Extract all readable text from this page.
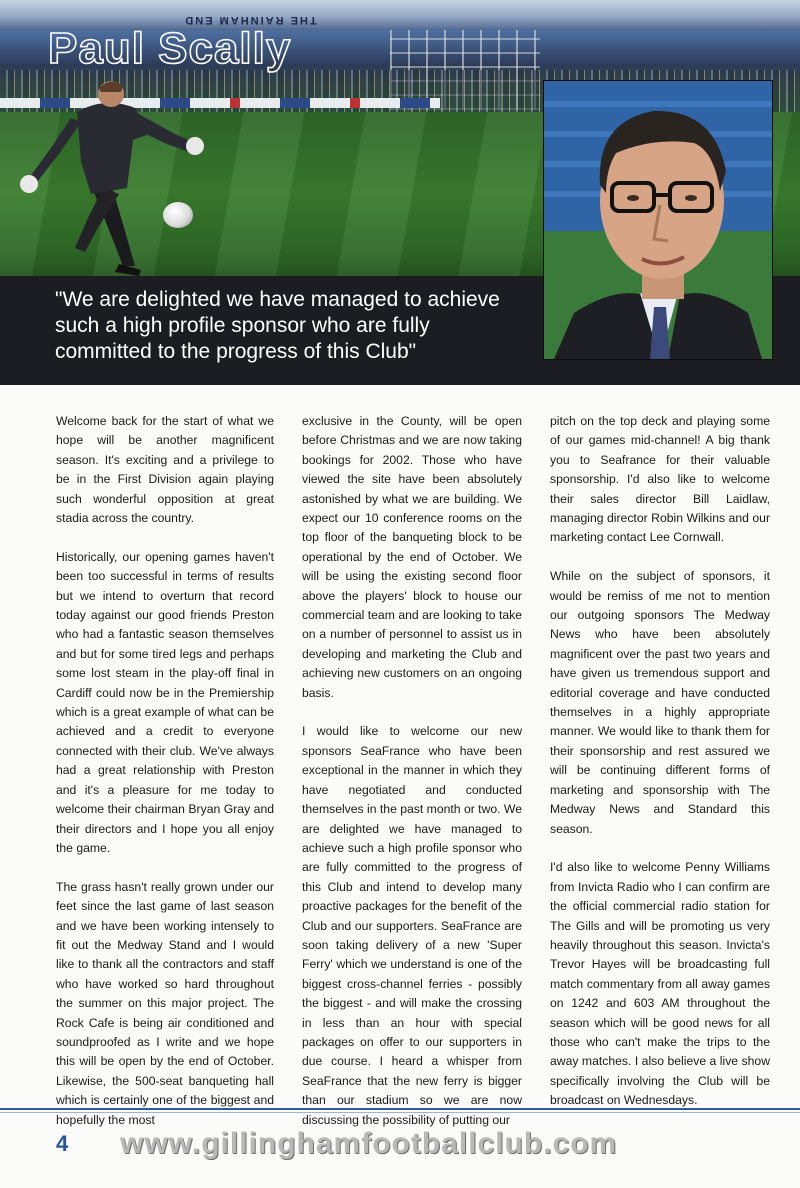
THE RAINHAM END
Paul Scally
"We are delighted we have managed to achieve such a high profile sponsor who are fully committed to the progress of this Club"

Welcome back for the start of what we hope will be another magnificent season. It's exciting and a privilege to be in the First Division again playing such wonderful opposition at great stadia across the country.

Historically, our opening games haven't been too successful in terms of results but we intend to overturn that record today against our good friends Preston who had a fantastic season themselves and but for some tired legs and perhaps some lost steam in the play-off final in Cardiff could now be in the Premiership which is a great example of what can be achieved and a credit to everyone connected with their club. We've always had a great relationship with Preston and it's a pleasure for me today to welcome their chairman Bryan Gray and their directors and I hope you all enjoy the game.

The grass hasn't really grown under our feet since the last game of last season and we have been working intensely to fit out the Medway Stand and I would like to thank all the contractors and staff who have worked so hard throughout the summer on this major project. The Rock Cafe is being air conditioned and soundproofed as I write and we hope this will be open by the end of October. Likewise, the 500-seat banqueting hall which is certainly one of the biggest and hopefully the most

exclusive in the County, will be open before Christmas and we are now taking bookings for 2002. Those who have viewed the site have been absolutely astonished by what we are building. We expect our 10 conference rooms on the top floor of the banqueting block to be operational by the end of October. We will be using the existing second floor above the players' block to house our commercial team and are looking to take on a number of personnel to assist us in developing and marketing the Club and achieving new customers on an ongoing basis.

I would like to welcome our new sponsors SeaFrance who have been exceptional in the manner in which they have negotiated and conducted themselves in the past month or two. We are delighted we have managed to achieve such a high profile sponsor who are fully committed to the progress of this Club and intend to develop many proactive packages for the benefit of the Club and our supporters. SeaFrance are soon taking delivery of a new 'Super Ferry' which we understand is one of the biggest cross-channel ferries - possibly the biggest - and will make the crossing in less than an hour with special packages on offer to our supporters in due course. I heard a whisper from SeaFrance that the new ferry is bigger than our stadium so we are now discussing the possibility of putting our

pitch on the top deck and playing some of our games mid-channel! A big thank you to Seafrance for their valuable sponsorship. I'd also like to welcome their sales director Bill Laidlaw, managing director Robin Wilkins and our marketing contact Lee Cornwall.

While on the subject of sponsors, it would be remiss of me not to mention our outgoing sponsors The Medway News who have been absolutely magnificent over the past two years and have given us tremendous support and editorial coverage and have conducted themselves in a highly appropriate manner. We would like to thank them for their sponsorship and rest assured we will be continuing different forms of marketing and sponsorship with The Medway News and Standard this season.

I'd also like to welcome Penny Williams from Invicta Radio who I can confirm are the official commercial radio station for The Gills and will be promoting us very heavily throughout this season. Invicta's Trevor Hayes will be broadcasting full match commentary from all away games on 1242 and 603 AM throughout the season which will be good news for all those who can't make the trips to the away matches. I also believe a live show specifically involving the Club will be broadcast on Wednesdays.

4 www.gillinghamfootballclub.com
